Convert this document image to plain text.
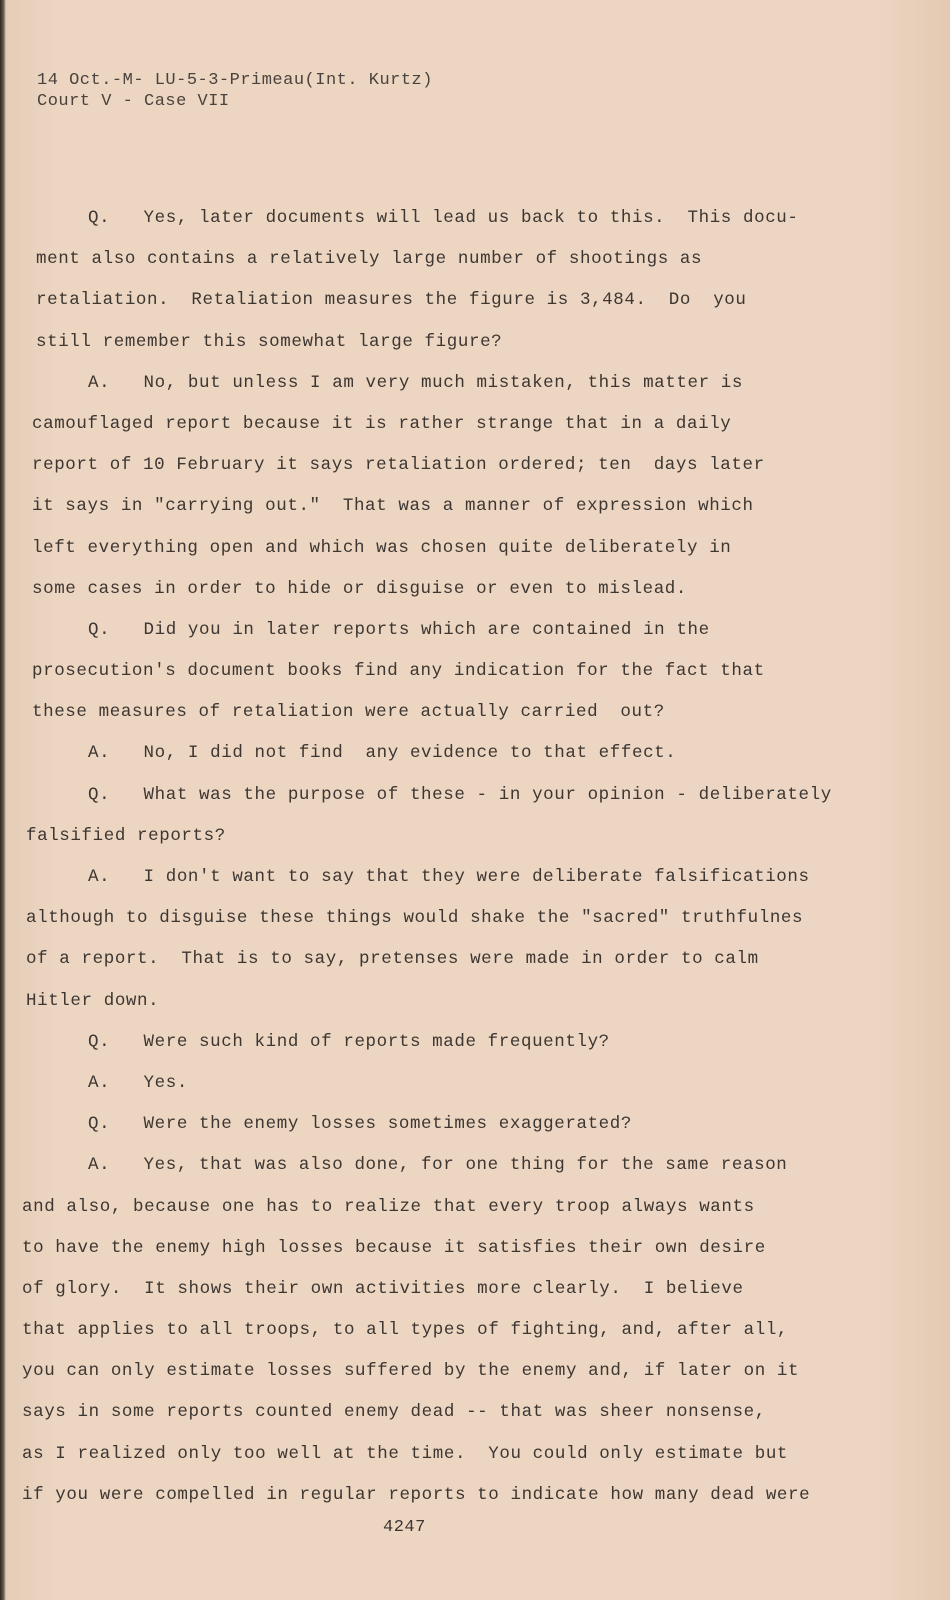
14 Oct.-M- LU-5-3-Primeau(Int. Kurtz)
Court V - Case VII
Q.   Yes, later documents will lead us back to this.  This docu-
ment also contains a relatively large number of shootings as
retaliation.  Retaliation measures the figure is 3,484.  Do  you
still remember this somewhat large figure?
A.   No, but unless I am very much mistaken, this matter is
camouflaged report because it is rather strange that in a daily
report of 10 February it says retaliation ordered; ten  days later
it says in "carrying out."  That was a manner of expression which
left everything open and which was chosen quite deliberately in
some cases in order to hide or disguise or even to mislead.
Q.   Did you in later reports which are contained in the
prosecution's document books find any indication for the fact that
these measures of retaliation were actually carried  out?
A.   No, I did not find  any evidence to that effect.
Q.   What was the purpose of these - in your opinion - deliberately
falsified reports?
A.   I don't want to say that they were deliberate falsifications
although to disguise these things would shake the "sacred" truthfulnes
of a report.  That is to say, pretenses were made in order to calm
Hitler down.
Q.   Were such kind of reports made frequently?
A.   Yes.
Q.   Were the enemy losses sometimes exaggerated?
A.   Yes, that was also done, for one thing for the same reason
and also, because one has to realize that every troop always wants
to have the enemy high losses because it satisfies their own desire
of glory.  It shows their own activities more clearly.  I believe
that applies to all troops, to all types of fighting, and, after all,
you can only estimate losses suffered by the enemy and, if later on it
says in some reports counted enemy dead -- that was sheer nonsense,
as I realized only too well at the time.  You could only estimate but
if you were compelled in regular reports to indicate how many dead were
4247
